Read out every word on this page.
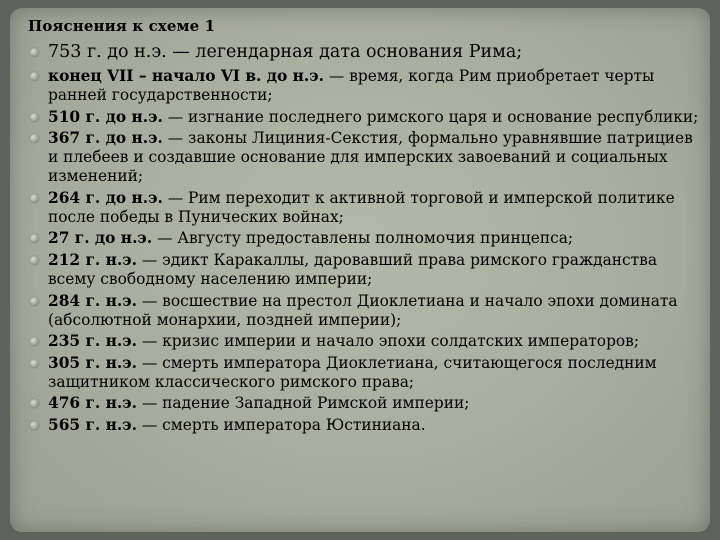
Пояснения к схеме 1
753 г. до н.э. — легендарная дата основания Рима;
конец VII – начало VI в. до н.э. — время, когда Рим приобретает черты ранней государственности;
510 г. до н.э. — изгнание последнего римского царя и основание республики;
367 г. до н.э. — законы Лициния-Секстия, формально уравнявшие патрициев и плебеев и создавшие основание для имперских завоеваний и социальных изменений;
264 г. до н.э. — Рим переходит к активной торговой и имперской политике после победы в Пунических войнах;
27 г. до н.э. — Августу предоставлены полномочия принцепса;
212 г. н.э. — эдикт Каракаллы, даровавший права римского гражданства всему свободному населению империи;
284 г. н.э. — восшествие на престол Диоклетиана и начало эпохи домината (абсолютной монархии, поздней империи);
235 г. н.э. — кризис империи и начало эпохи солдатских императоров;
305 г. н.э. — смерть императора Диоклетиана, считающегося последним защитником классического римского права;
476 г. н.э. — падение Западной Римской империи;
565 г. н.э. — смерть императора Юстиниана.
